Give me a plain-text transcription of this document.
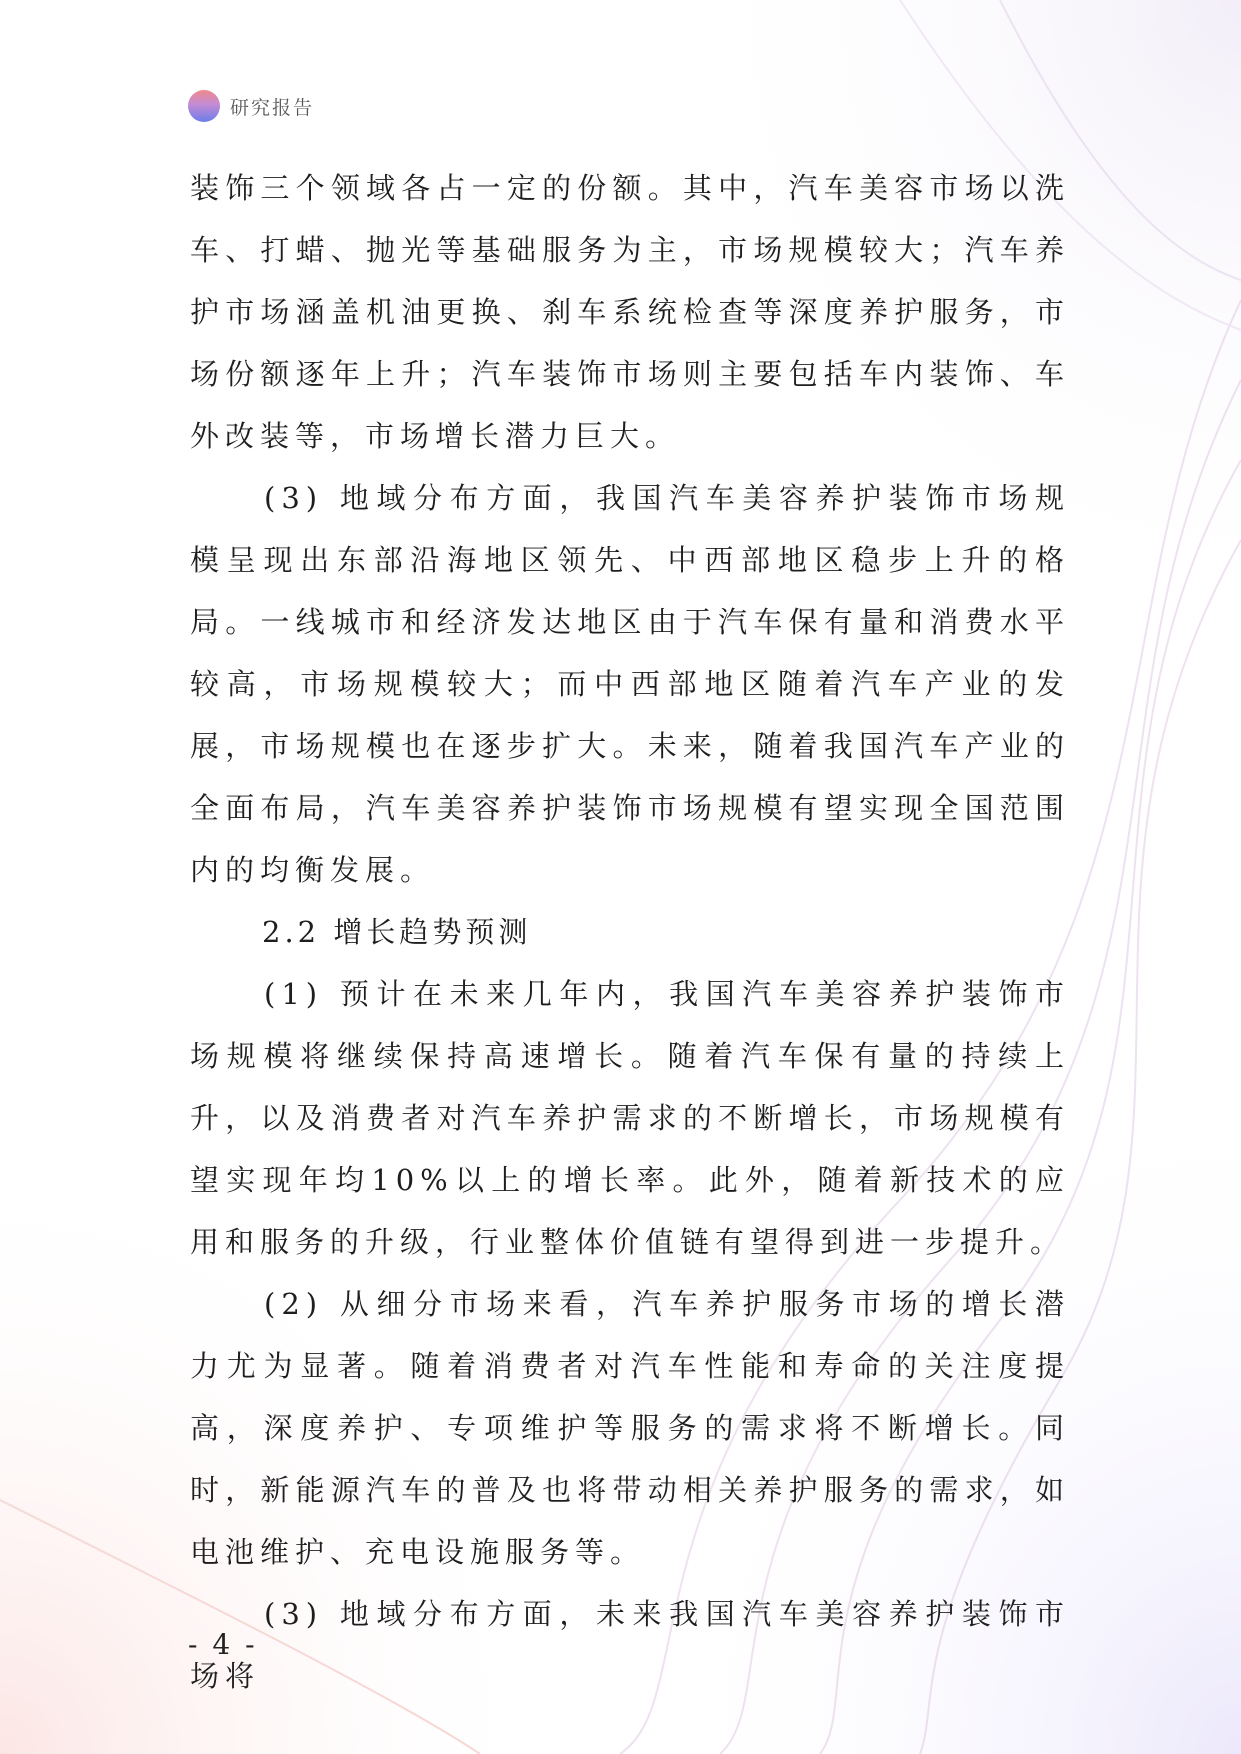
研究报告

装饰三个领域各占一定的份额。其中，汽车美容市场以洗车、打蜡、抛光等基础服务为主，市场规模较大；汽车养护市场涵盖机油更换、刹车系统检查等深度养护服务，市场份额逐年上升；汽车装饰市场则主要包括车内装饰、车外改装等，市场增长潜力巨大。

(3) 地域分布方面，我国汽车美容养护装饰市场规模呈现出东部沿海地区领先、中西部地区稳步上升的格局。一线城市和经济发达地区由于汽车保有量和消费水平较高，市场规模较大；而中西部地区随着汽车产业的发展，市场规模也在逐步扩大。未来，随着我国汽车产业的全面布局，汽车美容养护装饰市场规模有望实现全国范围内的均衡发展。

2.2 增长趋势预测

(1) 预计在未来几年内，我国汽车美容养护装饰市场规模将继续保持高速增长。随着汽车保有量的持续上升，以及消费者对汽车养护需求的不断增长，市场规模有望实现年均10%以上的增长率。此外，随着新技术的应用和服务的升级，行业整体价值链有望得到进一步提升。

(2) 从细分市场来看，汽车养护服务市场的增长潜力尤为显著。随着消费者对汽车性能和寿命的关注度提高，深度养护、专项维护等服务的需求将不断增长。同时，新能源汽车的普及也将带动相关养护服务的需求，如电池维护、充电设施服务等。

(3) 地域分布方面，未来我国汽车美容养护装饰市场将

- 4 -
